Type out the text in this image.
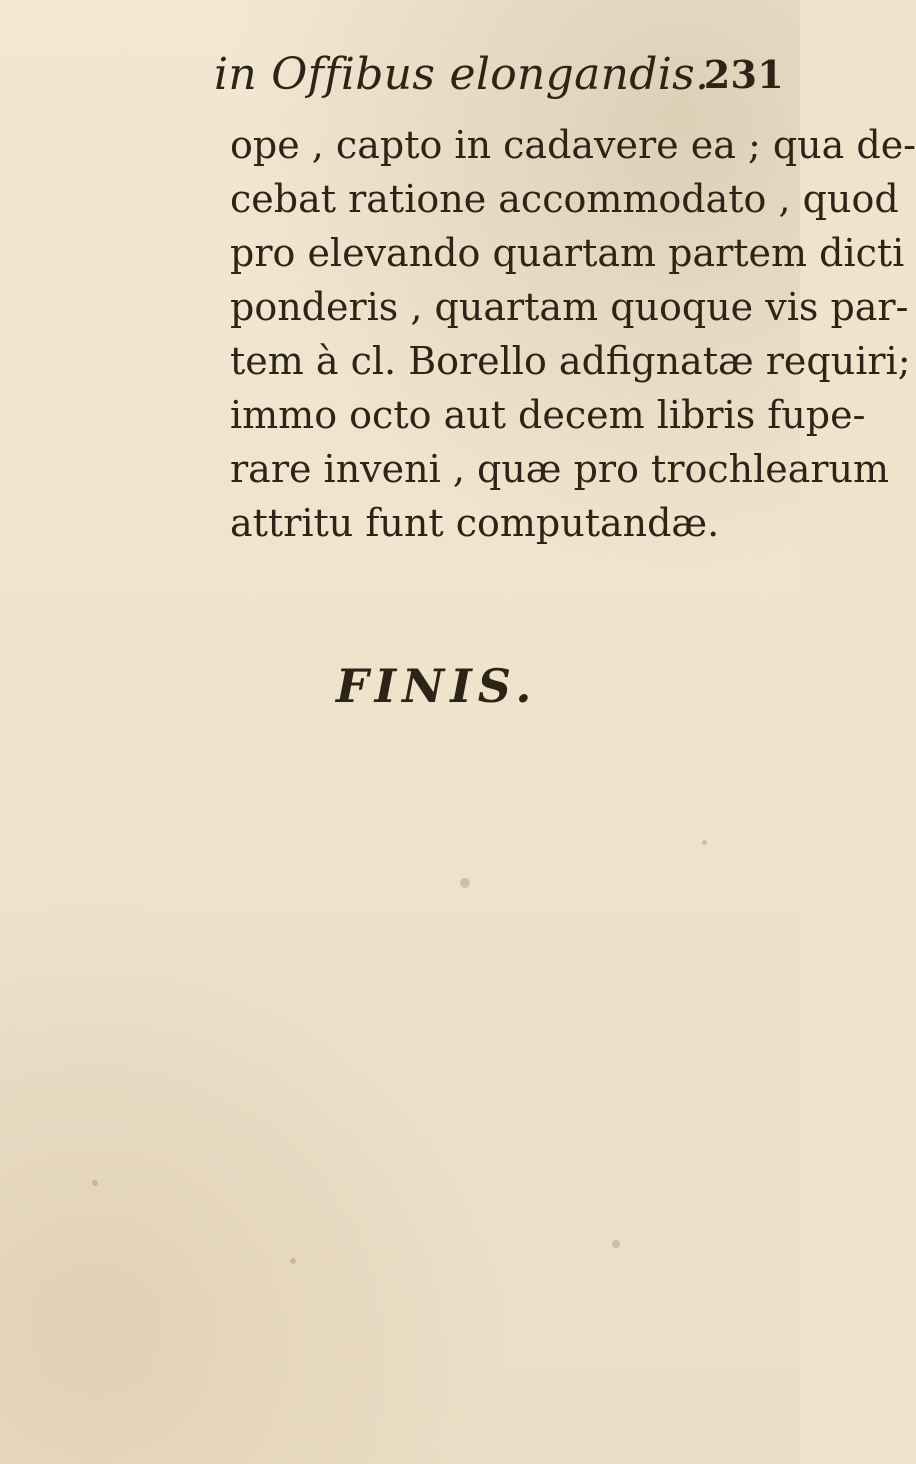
in Offibus elongandis.
231
ope , capto in cadavere ea ; qua de-
cebat ratione accommodato , quod
pro elevando quartam partem dicti
ponderis , quartam quoque vis par-
tem à cl. Borello adfignatæ requiri;
immo octo aut decem libris fupe-
rare inveni , quæ pro trochlearum
attritu funt computandæ.
FINIS.
